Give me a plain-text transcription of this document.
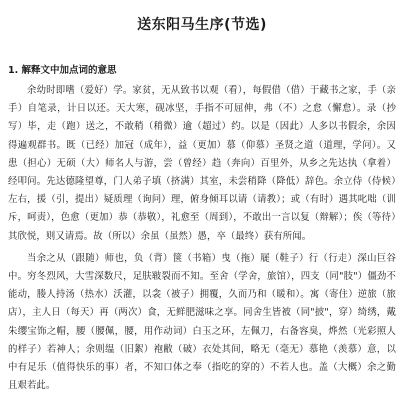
送东阳马生序(节选)
1. 解释文中加点词的意思

余幼时即嗜（爱好）学。家贫，无从致书以观（看），每假借（借）于藏书之家，手（亲手）自笔录，计日以还。天大寒，砚冰坚，手指不可屈伸，弗（不）之怠（懈怠）。录（抄写）毕，走（跑）送之，不敢稍（稍微）逾（超过）约。以是（因此）人多以书假余，余因得遍观群书。既（已经）加冠（成年），益（更加）慕（仰慕）圣贤之道（道理，学问）。又患（担心）无硕（大）师名人与游，尝（曾经）趋（奔向）百里外，从乡之先达执（拿着）经叩问。先达德隆望尊，门人弟子填（挤满）其室，未尝稍降（降低）辞色。余立侍（侍候）左右，援（引，提出）疑质理（询问）理，俯身倾耳以请（请教）；或（有时）遇其叱咄（训斥，呵责），色愈（更加）恭（恭敬），礼愈至（周到），不敢出一言以复（辩解）；俟（等待）其欣悦，则又请焉。故（所以）余虽（虽然）愚，卒（最终）获有所闻。

当余之从（跟随）师也，负（背）箧（书箱）曳（拖）屣（鞋子）行（行走）深山巨谷中。穷冬烈风，大雪深数尺，足肤皲裂而不知。至舍（学舍，旅馆），四支（同"肢"）僵劲不能动，媵人持汤（热水）沃灌，以衾（被子）拥覆，久而乃和（暖和）。寓（寄住）逆旅（旅店），主人日（每天）再（两次）食，无鲜肥滋味之享。同舍生皆被（同"披"，穿）绮绣，戴朱缨宝饰之帽，腰（腰佩，腰，用作动词）白玉之环，左佩刀，右备容臭，烨然（光彩照人的样子）若神人；余则缊（旧絮）袍敝（破）衣处其间，略无（毫无）慕艳（羡慕）意，以中有足乐（值得快乐的事）者，不知口体之奉（指吃的穿的）不若人也。盖（大概）余之勤且艰若此。
